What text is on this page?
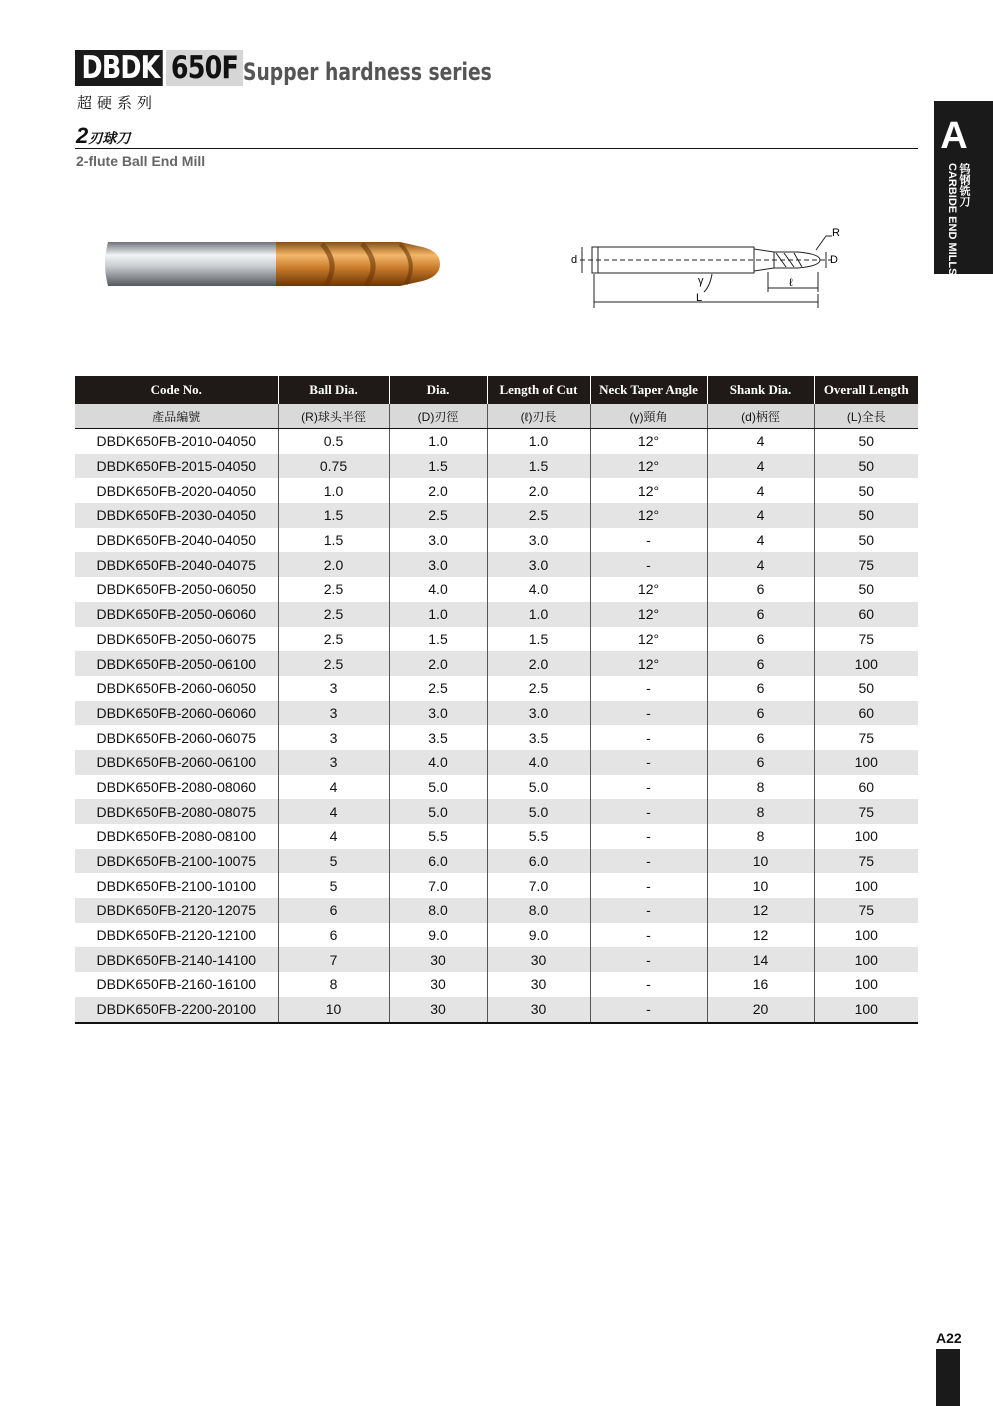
DBDK 650F Supper hardness series
超硬系列
2刃球刀
2-flute Ball End Mill
A
钨钢铣刀
CARBIDE END MILLS
d
R
D
ℓ
γ
L
Code No.	Ball Dia.	Dia.	Length of Cut	Neck Taper Angle	Shank Dia.	Overall Length
產品編號	(R)球头半徑	(D)刃徑	(ℓ)刃長	(γ)頸角	(d)柄徑	(L)全長
DBDK650FB-2010-04050	0.5	1.0	1.0	12°	4	50
DBDK650FB-2015-04050	0.75	1.5	1.5	12°	4	50
DBDK650FB-2020-04050	1.0	2.0	2.0	12°	4	50
DBDK650FB-2030-04050	1.5	2.5	2.5	12°	4	50
DBDK650FB-2040-04050	1.5	3.0	3.0	-	4	50
DBDK650FB-2040-04075	2.0	3.0	3.0	-	4	75
DBDK650FB-2050-06050	2.5	4.0	4.0	12°	6	50
DBDK650FB-2050-06060	2.5	1.0	1.0	12°	6	60
DBDK650FB-2050-06075	2.5	1.5	1.5	12°	6	75
DBDK650FB-2050-06100	2.5	2.0	2.0	12°	6	100
DBDK650FB-2060-06050	3	2.5	2.5	-	6	50
DBDK650FB-2060-06060	3	3.0	3.0	-	6	60
DBDK650FB-2060-06075	3	3.5	3.5	-	6	75
DBDK650FB-2060-06100	3	4.0	4.0	-	6	100
DBDK650FB-2080-08060	4	5.0	5.0	-	8	60
DBDK650FB-2080-08075	4	5.0	5.0	-	8	75
DBDK650FB-2080-08100	4	5.5	5.5	-	8	100
DBDK650FB-2100-10075	5	6.0	6.0	-	10	75
DBDK650FB-2100-10100	5	7.0	7.0	-	10	100
DBDK650FB-2120-12075	6	8.0	8.0	-	12	75
DBDK650FB-2120-12100	6	9.0	9.0	-	12	100
DBDK650FB-2140-14100	7	30	30	-	14	100
DBDK650FB-2160-16100	8	30	30	-	16	100
DBDK650FB-2200-20100	10	30	30	-	20	100
A22
